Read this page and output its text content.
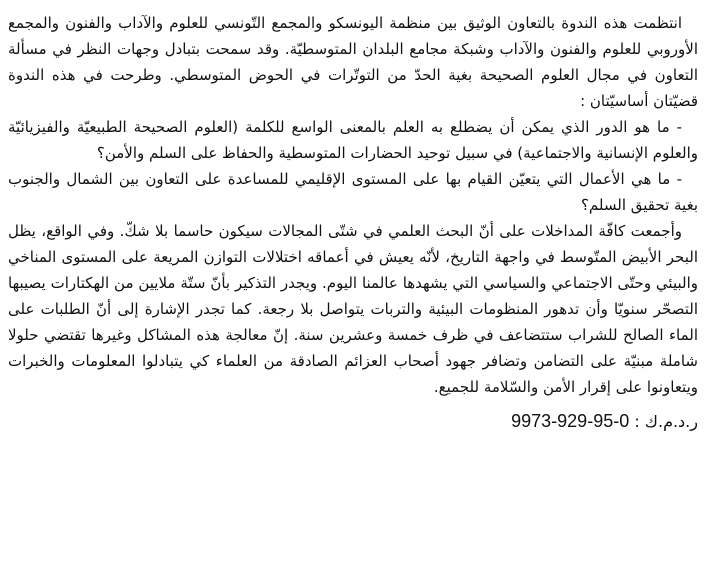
انتظمت هذه الندوة بالتعاون الوثيق بين منظمة اليونسكو والمجمع التّونسي للعلوم والآداب والفنون والمجمع الأوروبي للعلوم والفنون والآداب وشبكة مجامع البلدان المتوسطيّة. وقد سمحت بتبادل وجهات النظر في مسألة التعاون في مجال العلوم الصحيحة بغية الحدّ من التوتّرات في الحوض المتوسطي. وطرحت في هذه الندوة قضيّتان أساسيّتان :

- ما هو الدور الذي يمكن أن يضطلع به العلم بالمعنى الواسع للكلمة (العلوم الصحيحة الطبيعيّة والفيزيائيّة والعلوم الإنسانية والاجتماعية) في سبيل توحيد الحضارات المتوسطية والحفاظ على السلم والأمن؟

- ما هي الأعمال التي يتعيّن القيام بها على المستوى الإقليمي للمساعدة على التعاون بين الشمال والجنوب بغية تحقيق السلم؟

وأجمعت كافّة المداخلات على أنّ البحث العلمي في شتّى المجالات سيكون حاسما بلا شكّ. وفي الواقع، يظل البحر الأبيض المتّوسط في واجهة التاريخ، لأنّه يعيش في أعماقه اختلالات التوازن المريعة على المستوى المناخي والبيئي وحتّى الاجتماعي والسياسي التي يشهدها عالمنا اليوم. ويجدر التذكير بأنّ ستّة ملايين من الهكتارات يصيبها التصحّر سنويّا وأن تدهور المنظومات البيئية والتربات يتواصل بلا رجعة. كما تجدر الإشارة إلى أنّ الطلبات على الماء الصالح للشراب ستتضاعف في ظرف خمسة وعشرين سنة. إنّ معالجة هذه المشاكل وغيرها تقتضي حلولا شاملة مبنيّة على التضامن وتضافر جهود أصحاب العزائم الصادقة من العلماء كي يتبادلوا المعلومات والخبرات ويتعاونوا على إقرار الأمن والسّلامة للجميع.

ر.د.م.ك : 9973-929-95-0
